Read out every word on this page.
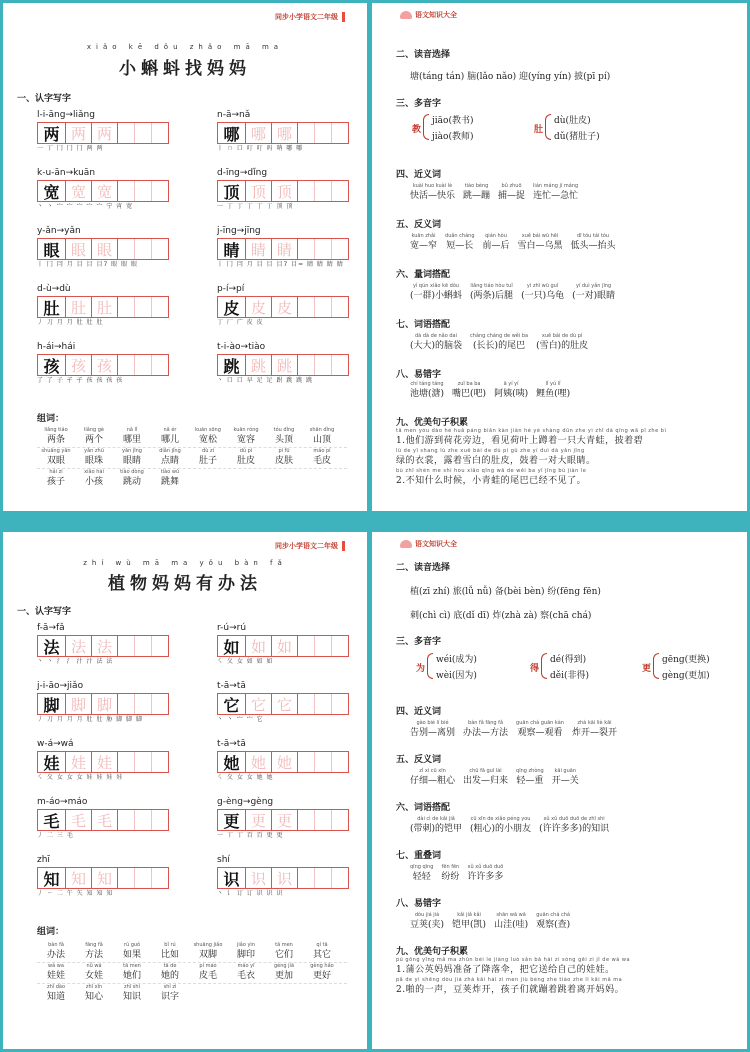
同步小学语文二年级
xiǎo kē dǒu zhǎo mā ma
小蝌蚪找妈妈
一、认字写字
组词：
liǎng tiáo
两条
liǎng gè
两个
nǎ lǐ
哪里
nǎ ér
哪儿
kuān sōng
宽松
kuān róng
宽容
tóu dǐng
头顶
shān dǐng
山顶
shuāng yǎn
双眼
yǎn zhū
眼珠
yǎn jīng
眼睛
diǎn jīng
点睛
dù zi
肚子
dù pí
肚皮
pí fū
皮肤
máo pí
毛皮
hái zi
孩子
xiǎo hái
小孩
tiào dòng
跳动
tiào wǔ
跳舞
l-i-āng→liǎng
两 两 两
一 丅 冂 冂 冂 两 两
n-ā→nǎ
哪 哪 哪
丨 ㄇ 口 叮 叮 吗 呐 哪 哪
k-u-ān→kuān
宽 宽 宽
丶 丶 宀 宀 宀 宀 宀 宁 宵 宽
d-īng→dǐng
顶 顶 顶
一 丁 丁 丁 丁 丁 顶 顶
y-ǎn→yǎn
眼 眼 眼
丨 冂 冃 月 目 目 目7 眼 眼 眼
j-īng→jīng
睛 睛 睛
丨 冂 冃 月 目 目 目7 目= 睛 睛 睛 睛
d-ù→dù
肚 肚 肚
丿 刀 月 月 肚 肚 肚
p-í→pí
皮 皮 皮
丁 厂 广 皮 皮
h-ái→hái
孩 孩 孩
了 了 子 孑 孑 孩 孩 孩 孩
t-i-ào→tiào
跳 跳 跳
丶 口 口 早 足 足 跗 跳 跳 跳
语文知识大全
二、读音选择
塘(táng tán) 脑(lǎo nǎo) 迎(yíng yín) 披(pī pí)
三、多音字
教
jiāo(教书)
jiào(教师)
肚
dù(肚皮)
dǔ(猪肚子)
四、近义词
kuài huo kuài lè
快活—快乐
tiào bèng
跳—蹦
bǔ zhuō
捕—捉
lián máng jí máng
连忙—急忙
五、反义词
kuān zhǎi
宽—窄
duǎn cháng
短—长
qián hòu
前—后
xuě bái wū hēi
雪白—乌黑
dī tóu tái tóu
低头—抬头
六、量词搭配
yì qún xiǎo kē dǒu
(一群)小蝌蚪
liǎng tiáo hòu tuǐ
(两条)后腿
yì zhī wū guī
(一只)乌龟
yí duì yǎn jīng
(一对)眼睛
七、词语搭配
dà dà de nǎo dai
(大大)的脑袋
cháng cháng de wěi ba
(长长)的尾巴
xuě bái de dù pí
(雪白)的肚皮
八、易错字
chí táng táng
池塘(溏)
zuǐ ba ba
嘴巴(吧)
ā yí yí
阿姨(咦)
lǐ yú lǐ
鲤鱼(哩)
九、优美句子积累
tā men yóu dào hé huā páng biān kàn jiàn hé yè shàng dūn zhe yì zhī dà qīng wā pī zhe bì
1.他们游到荷花旁边，看见荷叶上蹲着一只大青蛙，披着碧
lǜ de yī shang lù zhe xuě bái de dù pí gǔ zhe yí duì dà yǎn jīng
绿的衣裳，露着雪白的肚皮，鼓着一对大眼睛。
bù zhī shén me shí hou xiǎo qīng wā de wěi ba yǐ jīng bú jiàn le
2.不知什么时候，小青蛙的尾巴已经不见了。
同步小学语文二年级
zhí wù mā ma yǒu bàn fǎ
植物妈妈有办法
一、认字写字
组词：
bàn fǎ
办法
fāng fǎ
方法
rú guǒ
如果
bǐ rú
比如
shuāng jiǎo
双脚
jiǎo yìn
脚印
tā men
它们
qí tā
其它
wá wa
娃娃
nǚ wá
女娃
tā men
她们
tā de
她的
pí máo
皮毛
máo yī
毛衣
gèng jiā
更加
gèng hǎo
更好
zhī dào
知道
zhī xīn
知心
zhī shi
知识
shí zì
识字
f-ā→fǎ
法 法 法
丶 丶 氵 氵 汁 汁 法 法
r-ú→rú
如 如 如
㇛ 夂 女 如 如 如
j-i-āo→jiǎo
脚 脚 脚
丿 刀 月 月 月 肚 肚 胁 脚 脚 脚
t-ā→tā
它 它 它
丶 丶 宀 宀 它
w-á→wá
娃 娃 娃
㇛ 夂 女 女 女 娃 娃 娃 娃
t-ā→tā
她 她 她
㇛ 夂 女 女 她 她
m-áo→máo
毛 毛 毛
丿 二 三 毛
g-èng→gèng
更 更 更
一 丅 丅 百 百 更 更
zhī
知 知 知
丿 ㇀ 二 午 矢 知 知 知
shí
识 识 识
丶 讠 订 订 识 识 识
语文知识大全
二、读音选择
植(zī zhí) 旅(lǚ nǚ) 备(bèi bèn) 纷(fēng fēn)
刺(chì cì) 底(dǐ dī) 炸(zhà zà) 察(chā chá)
三、多音字
为
wéi(成为)
wèi(因为)
得
dé(得到)
děi(非得)
更
gēng(更换)
gèng(更加)
四、近义词
gào bié lí bié
告别—离别
bàn fǎ fāng fǎ
办法—方法
guān chá guān kàn
观察—观看
zhà kāi liè kāi
炸开—裂开
五、反义词
zǐ xì cū xīn
仔细—粗心
chū fā guī lái
出发—归来
qīng zhòng
轻—重
kāi guān
开—关
六、词语搭配
dài cì de kǎi jiǎ
(带刺)的铠甲
cū xīn de xiǎo péng you
(粗心)的小朋友
xǔ xǔ duō duō de zhī shi
(许许多多)的知识
七、重叠词
qīng qīng
轻轻
fēn fēn
纷纷
xǔ xǔ duō duō
许许多多
八、易错字
dòu jiá jiá
豆荚(夹)
kǎi jiǎ kǎi
铠甲(凯)
shān wā wā
山洼(哇)
guān chá chá
观察(查)
九、优美句子积累
pú gōng yīng mā ma zhǔn bèi le jiàng luò sǎn bǎ hái zi sòng gěi zì jǐ de wá wa
1.蒲公英妈妈准备了降落伞，把它送给自己的娃娃。
pā de yì shēng dòu jiá zhà kāi hái zi men jiù bèng zhe tiào zhe lí kāi mā ma
2.啪的一声，豆荚炸开，孩子们就蹦着跳着离开妈妈。
